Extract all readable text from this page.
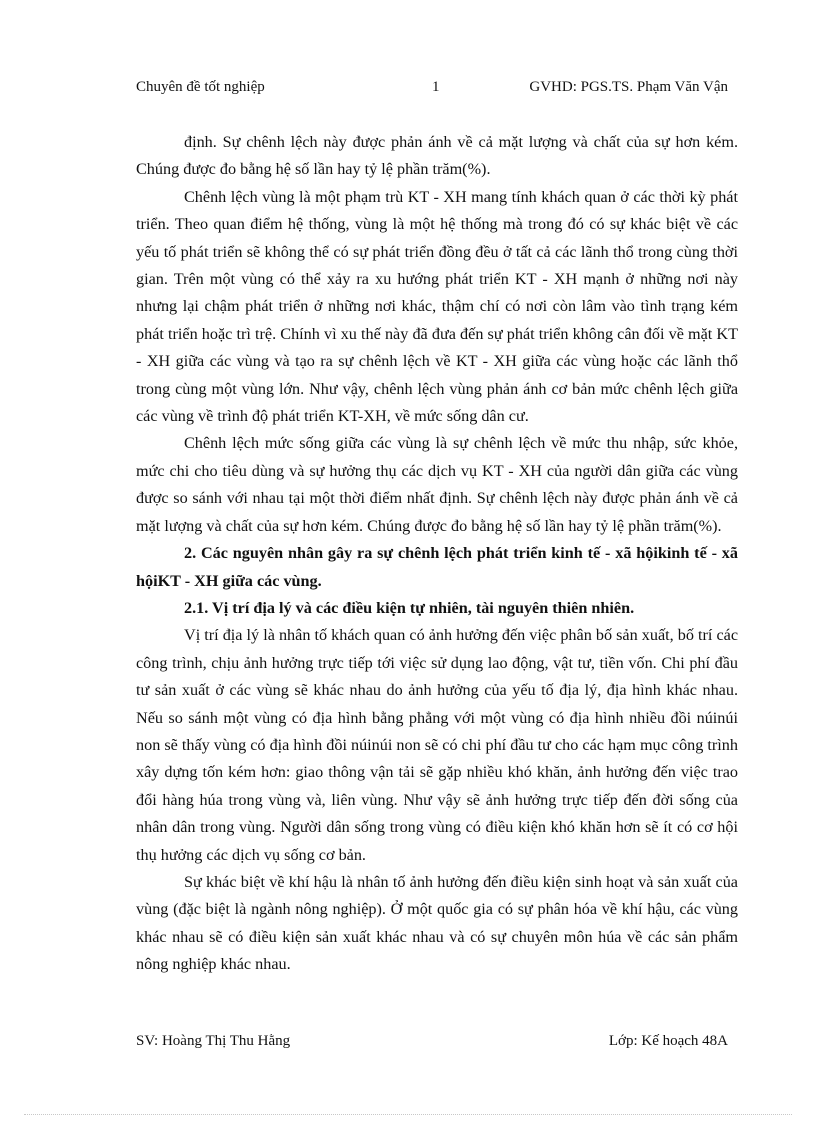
Chuyên đề tốt nghiệp	1	GVHD: PGS.TS. Phạm Văn Vận

định. Sự chênh lệch này được phản ánh về cả mặt lượng và chất của sự hơn kém. Chúng được đo bằng hệ số lần hay tỷ lệ phần trăm(%).

Chênh lệch vùng là một phạm trù KT - XH mang tính khách quan ở các thời kỳ phát triển. Theo quan điểm hệ thống, vùng là một hệ thống mà trong đó có sự khác biệt về các yếu tố phát triển sẽ không thể có sự phát triển đồng đều ở tất cả các lãnh thổ trong cùng thời gian. Trên một vùng có thể xảy ra xu hướng phát triển KT - XH mạnh ở những nơi này nhưng lại chậm phát triển ở những nơi khác, thậm chí có nơi còn lâm vào tình trạng kém phát triển hoặc trì trệ. Chính vì xu thế này đã đưa đến sự phát triển không cân đối về mặt KT - XH giữa các vùng và tạo ra sự chênh lệch về KT - XH giữa các vùng hoặc các lãnh thổ trong cùng một vùng lớn. Như vậy, chênh lệch vùng phản ánh cơ bản mức chênh lệch giữa các vùng về trình độ phát triển KT-XH, về mức sống dân cư.

Chênh lệch mức sống giữa các vùng là sự chênh lệch về mức thu nhập, sức khỏe, mức chi cho tiêu dùng và sự hưởng thụ các dịch vụ KT - XH của người dân giữa các vùng được so sánh với nhau tại một thời điểm nhất định. Sự chênh lệch này được phản ánh về cả mặt lượng và chất của sự hơn kém. Chúng được đo bằng hệ số lần hay tỷ lệ phần trăm(%).

2. Các nguyên nhân gây ra sự chênh lệch phát triển kinh tế - xã hộikinh tế - xã hộiKT - XH giữa các vùng.

2.1. Vị trí địa lý và các điều kiện tự nhiên, tài nguyên thiên nhiên.

Vị trí địa lý là nhân tố khách quan có ảnh hưởng đến việc phân bố sản xuất, bố trí các công trình, chịu ảnh hưởng trực tiếp tới việc sử dụng lao động, vật tư, tiền vốn. Chi phí đầu tư sản xuất ở các vùng sẽ khác nhau do ảnh hưởng của yếu tố địa lý, địa hình khác nhau. Nếu so sánh một vùng có địa hình bằng phẳng với một vùng có địa hình nhiều đồi núinúi non sẽ thấy vùng có địa hình đồi núinúi non sẽ có chi phí đầu tư cho các hạm mục công trình xây dựng tốn kém hơn: giao thông vận tải sẽ gặp nhiều khó khăn, ảnh hưởng đến việc trao đổi hàng húa trong vùng và, liên vùng. Như vậy sẽ ảnh hưởng trực tiếp đến đời sống của nhân dân trong vùng. Người dân sống trong vùng có điều kiện khó khăn hơn sẽ ít có cơ hội thụ hưởng các dịch vụ sống cơ bản.

Sự khác biệt về khí hậu là nhân tố ảnh hưởng đến điều kiện sinh hoạt và sản xuất của vùng (đặc biệt là ngành nông nghiệp). Ở một quốc gia có sự phân hóa về khí hậu, các vùng khác nhau sẽ có điều kiện sản xuất khác nhau và có sự chuyên môn húa về các sản phẩm nông nghiệp khác nhau.

SV: Hoàng Thị Thu Hằng	Lớp: Kế hoạch 48A
